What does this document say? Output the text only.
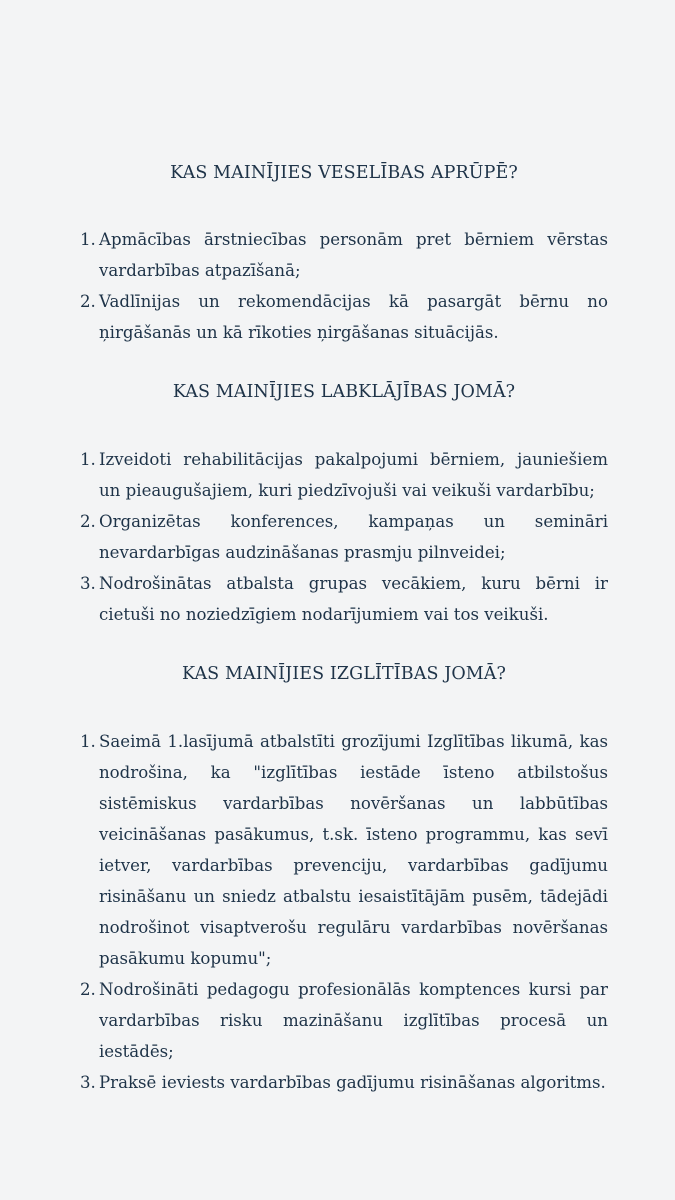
KAS MAINĪJIES VESELĪBAS APRŪPĒ?
1. Apmācības ārstniecības personām pret bērniem vērstas vardarbības atpazīšanā;
2. Vadlīnijas un rekomendācijas kā pasargāt bērnu no ņirgāšanās un kā rīkoties ņirgāšanas situācijās.
KAS MAINĪJIES LABKLĀJĪBAS JOMĀ?
1. Izveidoti rehabilitācijas pakalpojumi bērniem, jauniešiem un pieaugušajiem, kuri piedzīvojuši vai veikuši vardarbību;
2. Organizētas konferences, kampaņas un semināri nevardarbīgas audzināšanas prasmju pilnveidei;
3. Nodrošinātas atbalsta grupas vecākiem, kuru bērni ir cietuši no noziedzīgiem nodarījumiem vai tos veikuši.
KAS MAINĪJIES IZGLĪTĪBAS JOMĀ?
1. Saeimā 1.lasījumā atbalstīti grozījumi Izglītības likumā, kas nodrošina, ka "izglītības iestāde īsteno atbilstošus sistēmiskus vardarbības novēršanas un labbūtības veicināšanas pasākumus, t.sk. īsteno programmu, kas sevī ietver, vardarbības prevenciju, vardarbības gadījumu risināšanu un sniedz atbalstu iesaistītājām pusēm, tādejādi nodrošinot visaptverošu regulāru vardarbības novēršanas pasākumu kopumu";
2. Nodrošināti pedagogu profesionālās komptences kursi par vardarbības risku mazināšanu izglītības procesā un iestādēs;
3. Praksē ieviests vardarbības gadījumu risināšanas algoritms.
